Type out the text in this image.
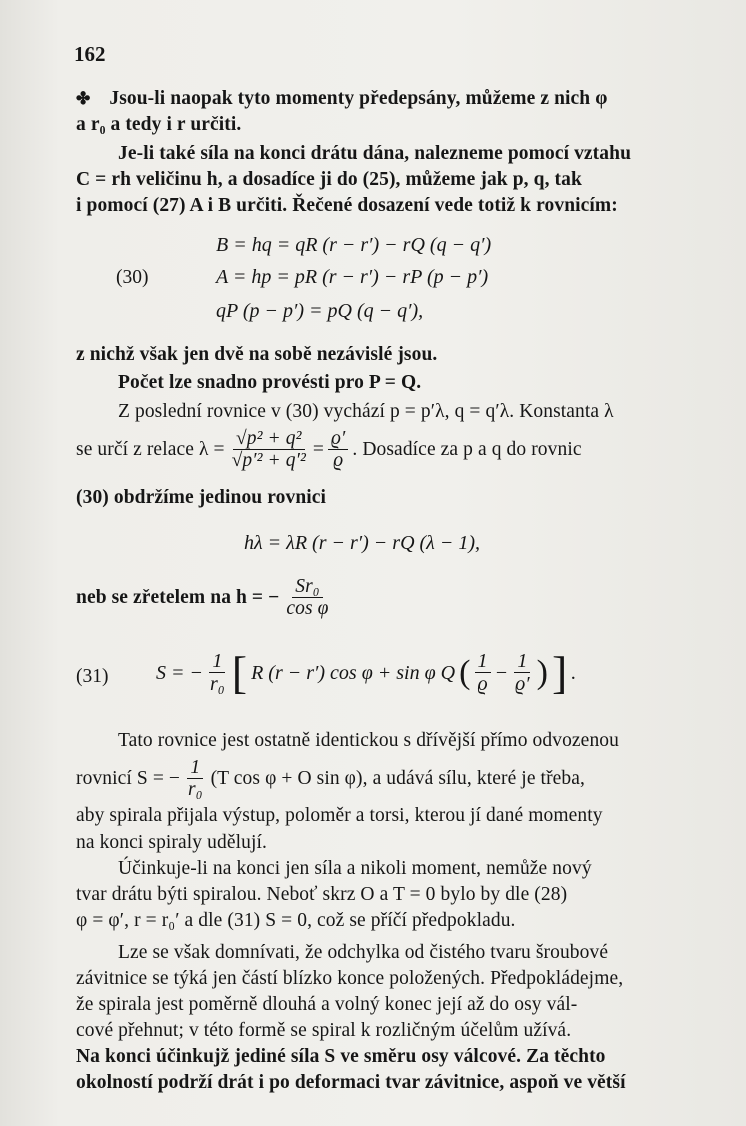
162
✤ Jsou-li naopak tyto momenty předepsány, můžeme z nich φ
a r₀ a tedy i r určiti.
Je-li také síla na konci drátu dána, nalezneme pomocí vztahu
C = rh veličinu h, a dosadíce ji do (25), můžeme jak p, q, tak
i pomocí (27) A i B určiti. Řečené dosazení vede totiž k rovnicím:
B = hq = qR (r − r′) − rQ (q − q′)
(30)	A = hp = pR (r − r′) − rP (p − p′)
qP (p − p′) = pQ (q − q′),
z nichž však jen dvě na sobě nezávislé jsou.
Počet lze snadno provésti pro P = Q.
Z poslední rovnice v (30) vychází p = p′λ, q = q′λ. Konstanta λ
se určí z relace $\lambda = \frac{\text{√p² + q²}}{\text{√p′² + q′²}} = \frac{ϱ'}{ϱ}$ . Dosadíce za p a q do rovnic
(30) obdržíme jedinou rovnici
hλ = λR (r − r′) − rQ (λ − 1),
neb se zřetelem na h = − $\frac{\text{Sr₀}}{\text{cos φ}}$
(31) S = − $\frac{1}{\text{r₀}}$ [ R (r − r′) cos φ + sin φ Q ( $\frac{1}{ϱ} - \frac{1}{ϱ'}$ ) ] .
Tato rovnice jest ostatně identickou s dřívější přímo odvozenou
rovnicí S = − $\frac{1}{\text{r₀}} (T$ cos φ + O sin φ), a udává sílu, které je třeba,
aby spirala přijala výstup, poloměr a torsi, kterou jí dané momenty
na konci spiraly udělují.
Účinkuje-li na konci jen síla a nikoli moment, nemůže nový
tvar drátu býti spiralou. Neboť skrz O a T = 0 bylo by dle (28)
φ = φ′, r = r₀′ a dle (31) S = 0, což se příčí předpokladu.
Lze se však domnívati, že odchylka od čistého tvaru šroubové
závitnice se týká jen částí blízko konce položených. Předpokládejme,
že spirala jest poměrně dlouhá a volný konec její až do osy vál-
cové přehnut; v této formě se spiral k rozličným účelům užívá.
Na konci účinkujž jediné síla S ve směru osy válcové. Za těchto
okolností podrží drát i po deformaci tvar závitnice, aspoň ve větší
